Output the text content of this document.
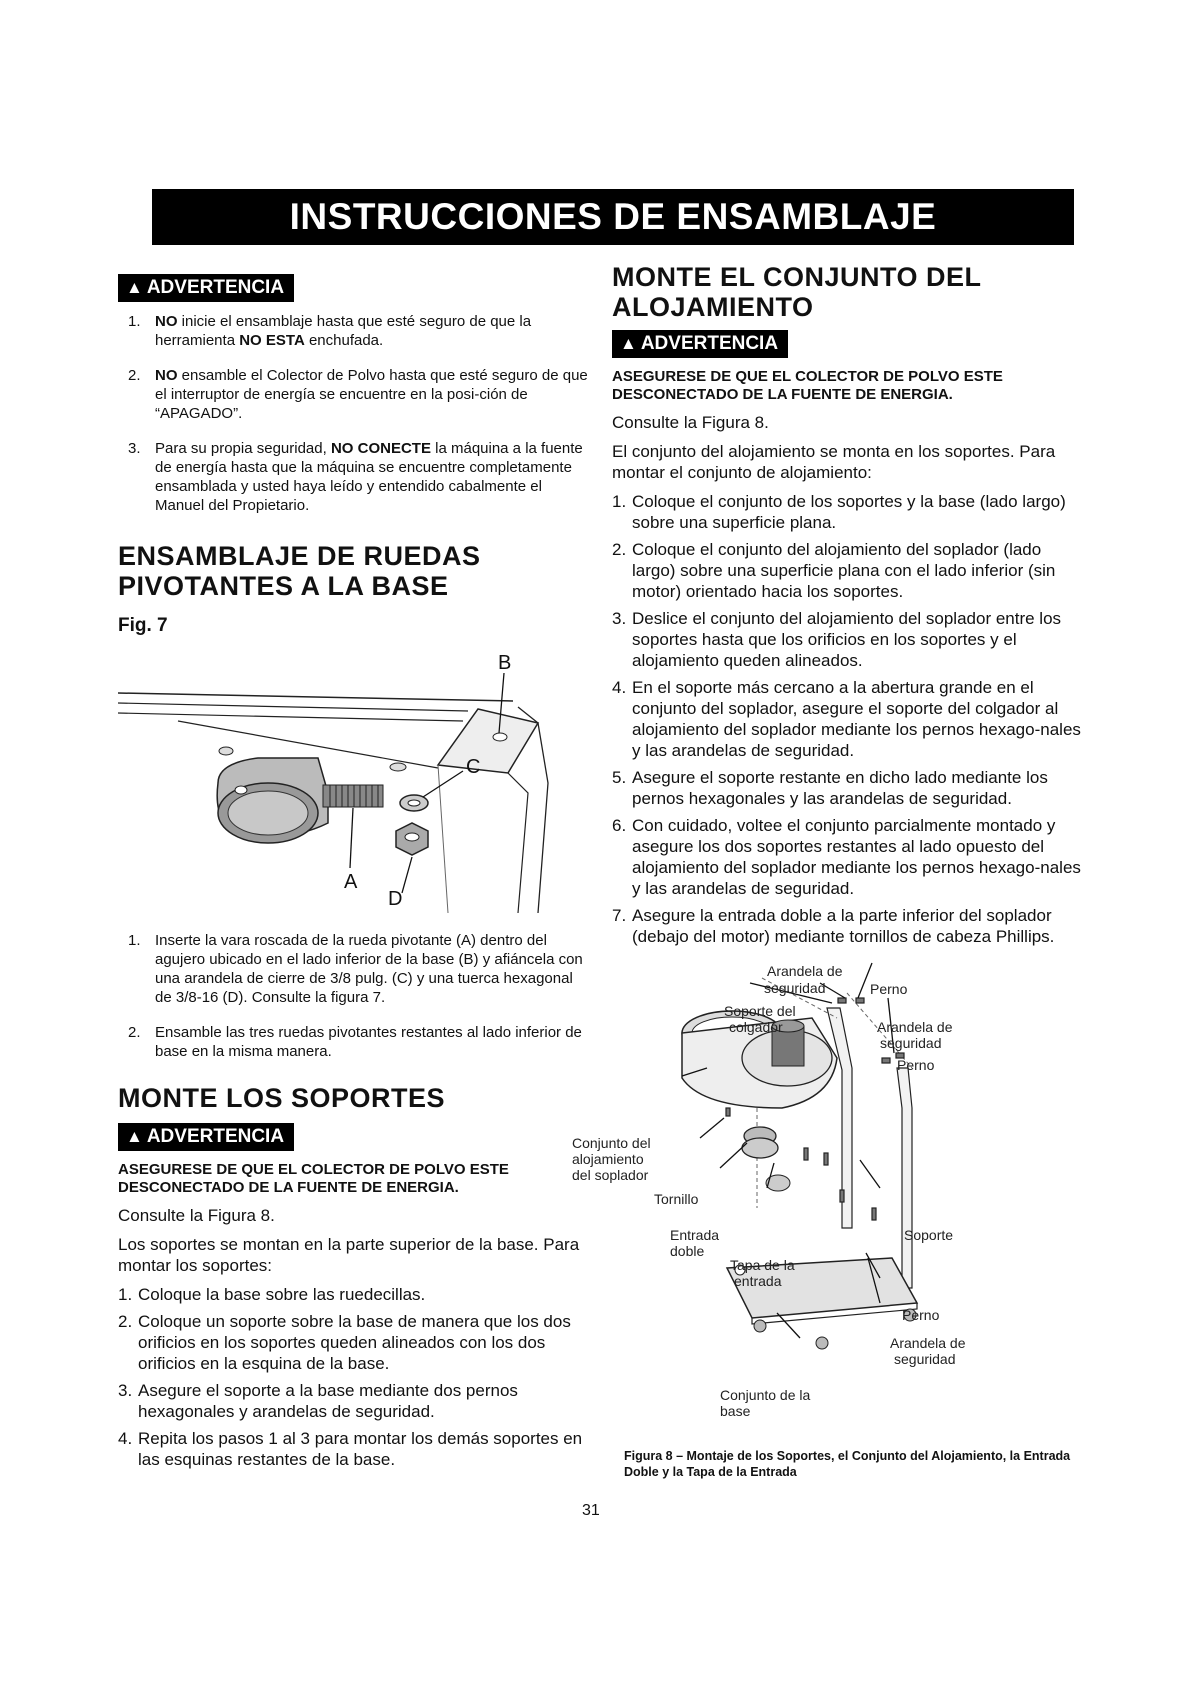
INSTRUCCIONES DE ENSAMBLAJE
▲ ADVERTENCIA
1. NO inicie el ensamblaje hasta que esté seguro de que la herramienta NO ESTA enchufada.
2. NO ensamble el Colector de Polvo hasta que esté seguro de que el interruptor de energía se encuentre en la posi-ción de “APAGADO”.
3. Para su propia seguridad, NO CONECTE la máquina a la fuente de energía hasta que la máquina se encuentre completamente ensamblada y usted haya leído y entendido cabalmente el Manuel del Propietario.
ENSAMBLAJE DE RUEDAS PIVOTANTES A LA BASE
Fig. 7
B
C
A
D
1. Inserte la vara roscada de la rueda pivotante (A) dentro del agujero ubicado en el lado inferior de la base (B) y afiáncela con una arandela de cierre de 3/8 pulg. (C) y una tuerca hexagonal de 3/8-16 (D). Consulte la figura 7.
2. Ensamble las tres ruedas pivotantes restantes al lado inferior de base en la misma manera.
MONTE LOS SOPORTES
▲ ADVERTENCIA

ASEGURESE DE QUE EL COLECTOR DE POLVO ESTE DESCONECTADO DE LA FUENTE DE ENERGIA.

Consulte la Figura 8.

Los soportes se montan en la parte superior de la base. Para montar los soportes:

1. Coloque la base sobre las ruedecillas.
2. Coloque un soporte sobre la base de manera que los dos orificios en los soportes queden alineados con los dos orificios en la esquina de la base.
3. Asegure el soporte a la base mediante dos pernos hexagonales y arandelas de seguridad.
4. Repita los pasos 1 al 3 para montar los demás soportes en las esquinas restantes de la base.
MONTE EL CONJUNTO DEL ALOJAMIENTO
▲ ADVERTENCIA

ASEGURESE DE QUE EL COLECTOR DE POLVO ESTE DESCONECTADO DE LA FUENTE DE ENERGIA.

Consulte la Figura 8.

El conjunto del alojamiento se monta en los soportes. Para montar el conjunto de alojamiento:

1. Coloque el conjunto de los soportes y la base (lado largo) sobre una superficie plana.
2. Coloque el conjunto del alojamiento del soplador (lado largo) sobre una superficie plana con el lado inferior (sin motor) orientado hacia los soportes.
3. Deslice el conjunto del alojamiento del soplador entre los soportes hasta que los orificios en los soportes y el alojamiento queden alineados.
4. En el soporte más cercano a la abertura grande en el conjunto del soplador, asegure el soporte del colgador al alojamiento del soplador mediante los pernos hexago-nales y las arandelas de seguridad.
5. Asegure el soporte restante en dicho lado mediante los pernos hexagonales y las arandelas de seguridad.
6. Con cuidado, voltee el conjunto parcialmente montado y asegure los dos soportes restantes al lado opuesto del alojamiento del soplador mediante los pernos hexago-nales y las arandelas de seguridad.
7. Asegure la entrada doble a la parte inferior del soplador (debajo del motor) mediante tornillos de cabeza Phillips.
Arandela de
seguridad	Perno
Soporte del
colgador	Arandela de
seguridad
Perno
Conjunto del
alojamiento
del soplador
Tornillo
Entrada
doble
Soporte
Tapa de la
entrada
Perno
Arandela de
seguridad
Conjunto de la
base
Figura 8 – Montaje de los Soportes, el Conjunto del Alojamiento, la Entrada Doble y la Tapa de la Entrada
31
